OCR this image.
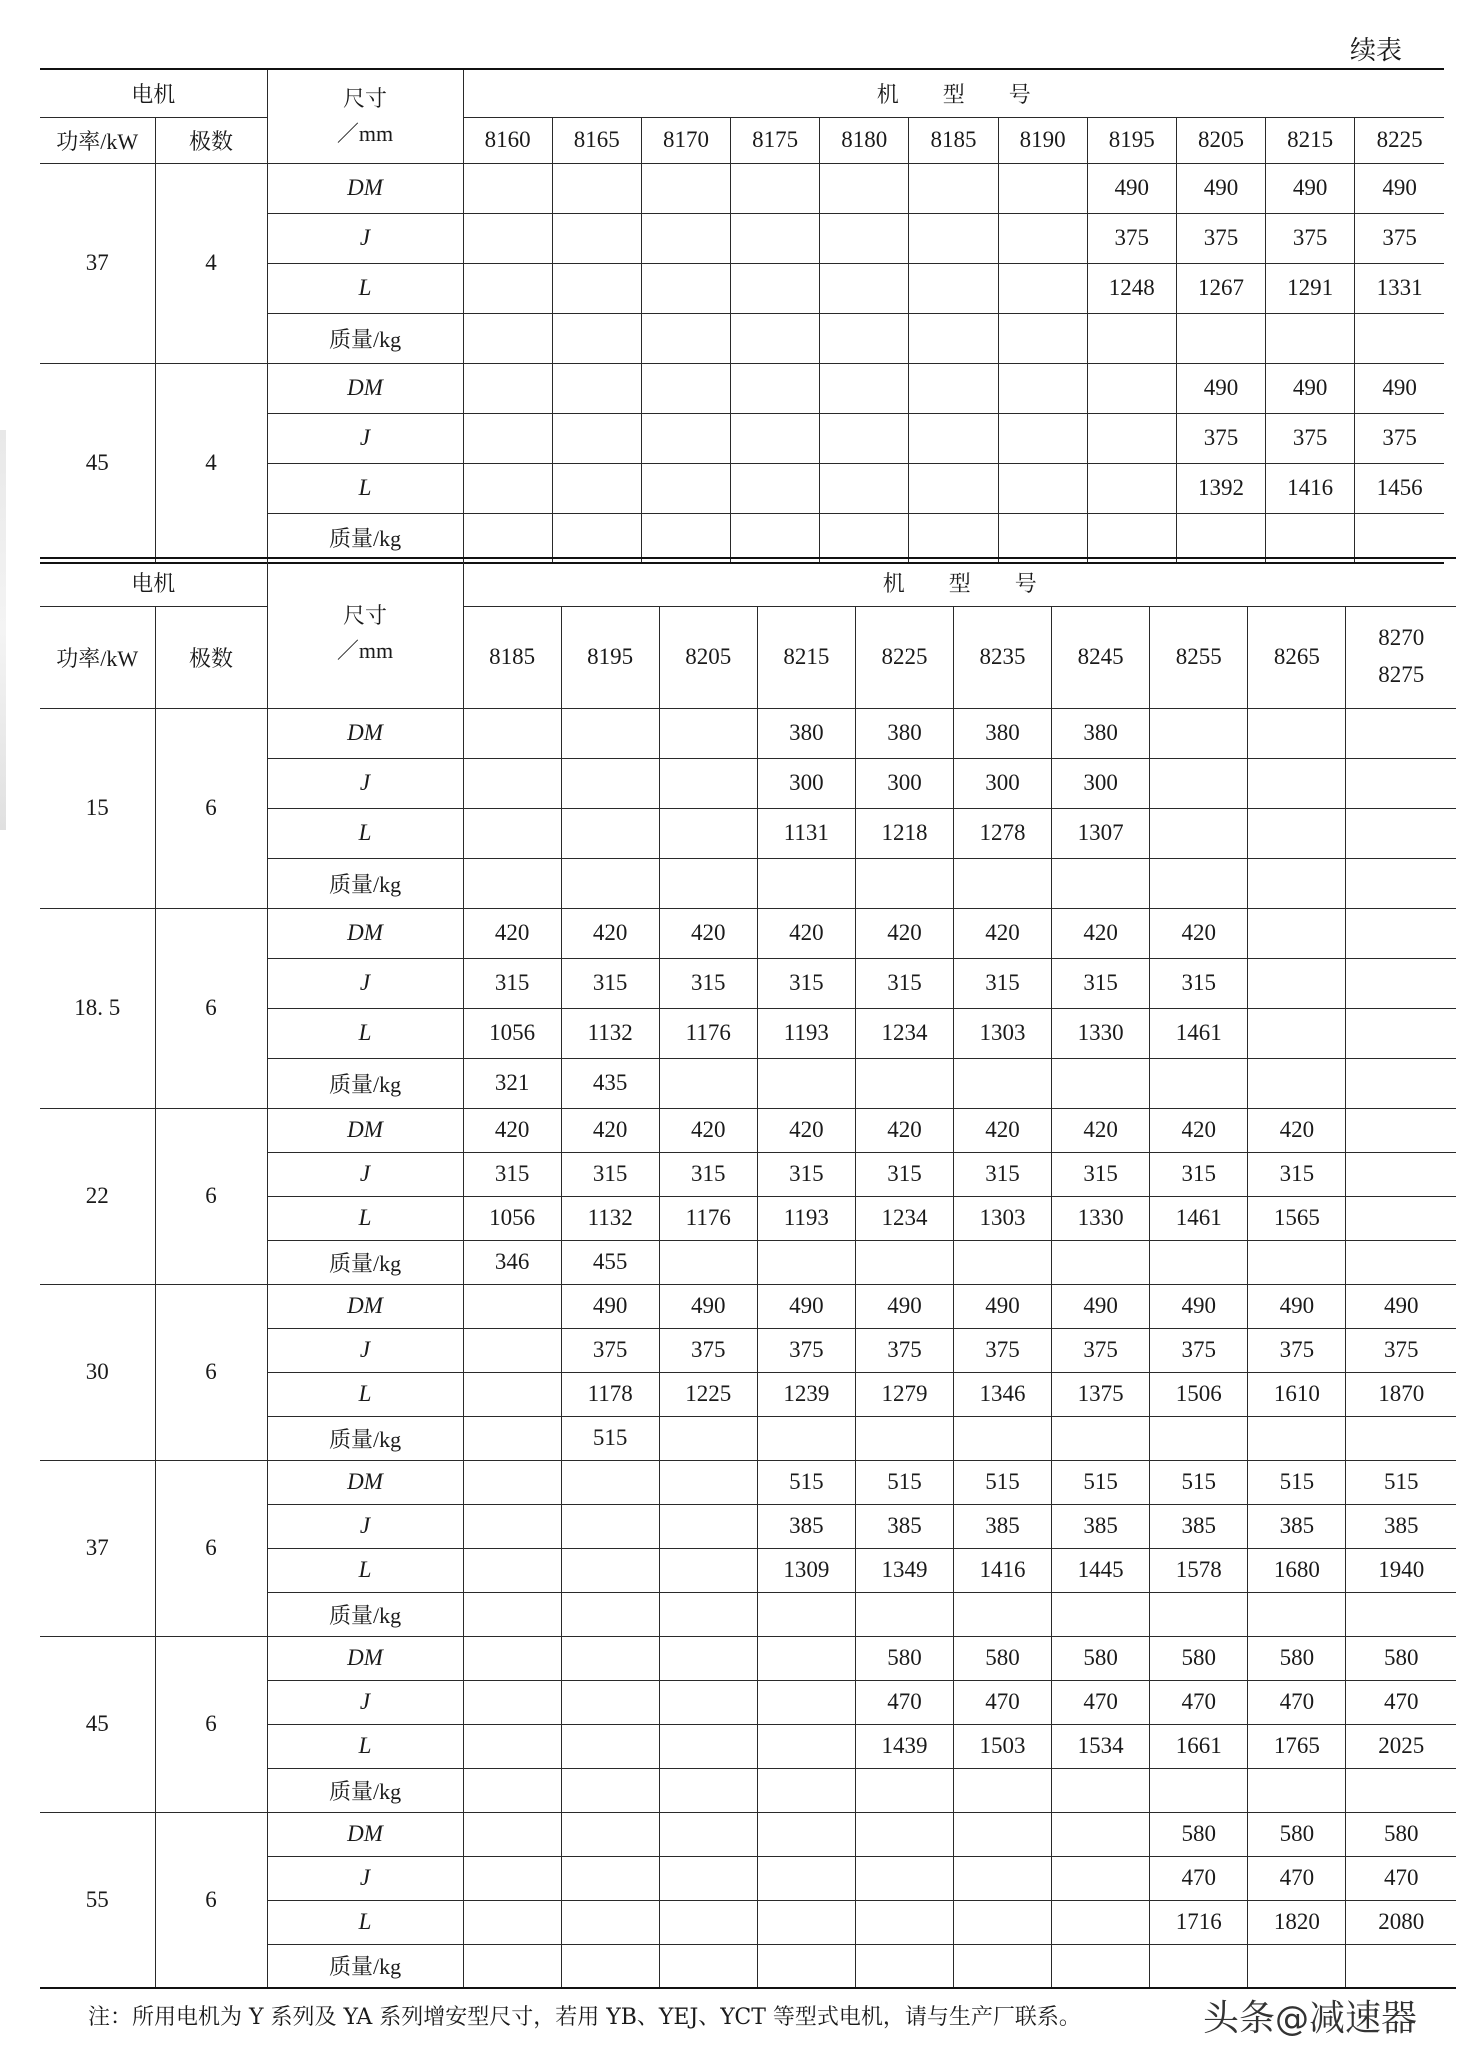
续表
电机		尺寸
／mm	机　　型　　号										
功率/kW	极数		8160	8165	8170	8175	8180	8185	8190	8195	8205	8215	8225
37	4	DM								490	490	490	490
		J								375	375	375	375
		L								1248	1267	1291	1331
		质量/kg											
45	4	DM									490	490	490
		J									375	375	375
		L									1392	1416	1456
		质量/kg											
电机		尺寸
／mm	机　　型　　号									
功率/kW	极数		8185	8195	8205	8215	8225	8235	8245	8255	8265	8270
8275
15	6	DM				380	380	380	380			
		J				300	300	300	300			
		L				1131	1218	1278	1307			
		质量/kg										
18. 5	6	DM	420	420	420	420	420	420	420	420		
		J	315	315	315	315	315	315	315	315		
		L	1056	1132	1176	1193	1234	1303	1330	1461		
		质量/kg	321	435								
22	6	DM	420	420	420	420	420	420	420	420	420	
		J	315	315	315	315	315	315	315	315	315	
		L	1056	1132	1176	1193	1234	1303	1330	1461	1565	
		质量/kg	346	455								
30	6	DM		490	490	490	490	490	490	490	490	490
		J		375	375	375	375	375	375	375	375	375
		L		1178	1225	1239	1279	1346	1375	1506	1610	1870
		质量/kg		515								
37	6	DM				515	515	515	515	515	515	515
		J				385	385	385	385	385	385	385
		L				1309	1349	1416	1445	1578	1680	1940
		质量/kg										
45	6	DM					580	580	580	580	580	580
		J					470	470	470	470	470	470
		L					1439	1503	1534	1661	1765	2025
		质量/kg										
55	6	DM								580	580	580
		J								470	470	470
		L								1716	1820	2080
		质量/kg										
注：所用电机为 Y 系列及 YA 系列增安型尺寸，若用 YB、YEJ、YCT 等型式电机，请与生产厂联系。	头条@减速器
